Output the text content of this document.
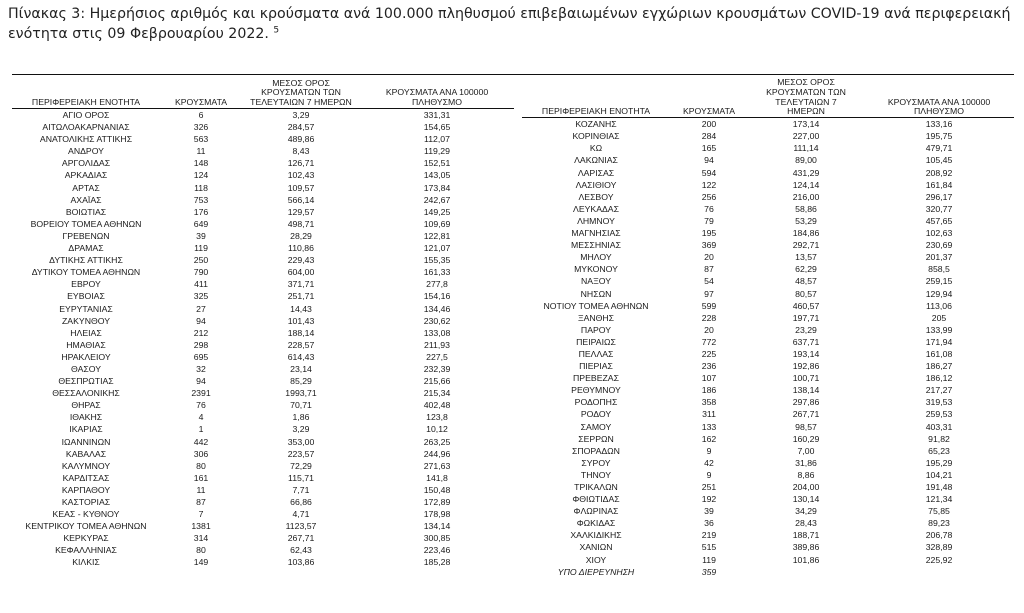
Πίνακας 3: Ημερήσιος αριθμός και κρούσματα ανά 100.000 πληθυσμού επιβεβαιωμένων εγχώριων κρουσμάτων COVID-19 ανά περιφερειακή ενότητα στις 09 Φεβρουαρίου 2022. $^5$
ΠΕΡΙΦΕΡΕΙΑΚΗ ΕΝΟΤΗΤΑ	ΚΡΟΥΣΜΑΤΑ	ΜΕΣΟΣ ΟΡΟΣ ΚΡΟΥΣΜΑΤΩΝ ΤΩΝ ΤΕΛΕΥΤΑΙΩΝ 7 ΗΜΕΡΩΝ	ΚΡΟΥΣΜΑΤΑ ΑΝΑ 100000 ΠΛΗΘΥΣΜΟ
ΑΓΙΟ ΟΡΟΣ	6	3,29	331,31
ΑΙΤΩΛΟΑΚΑΡΝΑΝΙΑΣ	326	284,57	154,65
ΑΝΑΤΟΛΙΚΗΣ ΑΤΤΙΚΗΣ	563	489,86	112,07
ΑΝΔΡΟΥ	11	8,43	119,29
ΑΡΓΟΛΙΔΑΣ	148	126,71	152,51
ΑΡΚΑΔΙΑΣ	124	102,43	143,05
ΑΡΤΑΣ	118	109,57	173,84
ΑΧΑΪΑΣ	753	566,14	242,67
ΒΟΙΩΤΙΑΣ	176	129,57	149,25
ΒΟΡΕΙΟΥ ΤΟΜΕΑ ΑΘΗΝΩΝ	649	498,71	109,69
ΓΡΕΒΕΝΩΝ	39	28,29	122,81
ΔΡΑΜΑΣ	119	110,86	121,07
ΔΥΤΙΚΗΣ ΑΤΤΙΚΗΣ	250	229,43	155,35
ΔΥΤΙΚΟΥ ΤΟΜΕΑ ΑΘΗΝΩΝ	790	604,00	161,33
ΕΒΡΟΥ	411	371,71	277,8
ΕΥΒΟΙΑΣ	325	251,71	154,16
ΕΥΡΥΤΑΝΙΑΣ	27	14,43	134,46
ΖΑΚΥΝΘΟΥ	94	101,43	230,62
ΗΛΕΙΑΣ	212	188,14	133,08
ΗΜΑΘΙΑΣ	298	228,57	211,93
ΗΡΑΚΛΕΙΟΥ	695	614,43	227,5
ΘΑΣΟΥ	32	23,14	232,39
ΘΕΣΠΡΩΤΙΑΣ	94	85,29	215,66
ΘΕΣΣΑΛΟΝΙΚΗΣ	2391	1993,71	215,34
ΘΗΡΑΣ	76	70,71	402,48
ΙΘΑΚΗΣ	4	1,86	123,8
ΙΚΑΡΙΑΣ	1	3,29	10,12
ΙΩΑΝΝΙΝΩΝ	442	353,00	263,25
ΚΑΒΑΛΑΣ	306	223,57	244,96
ΚΑΛΥΜΝΟΥ	80	72,29	271,63
ΚΑΡΔΙΤΣΑΣ	161	115,71	141,8
ΚΑΡΠΑΘΟΥ	11	7,71	150,48
ΚΑΣΤΟΡΙΑΣ	87	66,86	172,89
ΚΕΑΣ - ΚΥΘΝΟΥ	7	4,71	178,98
ΚΕΝΤΡΙΚΟΥ ΤΟΜΕΑ ΑΘΗΝΩΝ	1381	1123,57	134,14
ΚΕΡΚΥΡΑΣ	314	267,71	300,85
ΚΕΦΑΛΛΗΝΙΑΣ	80	62,43	223,46
ΚΙΛΚΙΣ	149	103,86	185,28
ΠΕΡΙΦΕΡΕΙΑΚΗ ΕΝΟΤΗΤΑ	ΚΡΟΥΣΜΑΤΑ	ΜΕΣΟΣ ΟΡΟΣ ΚΡΟΥΣΜΑΤΩΝ ΤΩΝ ΤΕΛΕΥΤΑΙΩΝ 7 ΗΜΕΡΩΝ	ΚΡΟΥΣΜΑΤΑ ΑΝΑ 100000 ΠΛΗΘΥΣΜΟ
ΚΟΖΑΝΗΣ	200	173,14	133,16
ΚΟΡΙΝΘΙΑΣ	284	227,00	195,75
ΚΩ	165	111,14	479,71
ΛΑΚΩΝΙΑΣ	94	89,00	105,45
ΛΑΡΙΣΑΣ	594	431,29	208,92
ΛΑΣΙΘΙΟΥ	122	124,14	161,84
ΛΕΣΒΟΥ	256	216,00	296,17
ΛΕΥΚΑΔΑΣ	76	58,86	320,77
ΛΗΜΝΟΥ	79	53,29	457,65
ΜΑΓΝΗΣΙΑΣ	195	184,86	102,63
ΜΕΣΣΗΝΙΑΣ	369	292,71	230,69
ΜΗΛΟΥ	20	13,57	201,37
ΜΥΚΟΝΟΥ	87	62,29	858,5
ΝΑΞΟΥ	54	48,57	259,15
ΝΗΣΩΝ	97	80,57	129,94
ΝΟΤΙΟΥ ΤΟΜΕΑ ΑΘΗΝΩΝ	599	460,57	113,06
ΞΑΝΘΗΣ	228	197,71	205
ΠΑΡΟΥ	20	23,29	133,99
ΠΕΙΡΑΙΩΣ	772	637,71	171,94
ΠΕΛΛΑΣ	225	193,14	161,08
ΠΙΕΡΙΑΣ	236	192,86	186,27
ΠΡΕΒΕΖΑΣ	107	100,71	186,12
ΡΕΘΥΜΝΟΥ	186	138,14	217,27
ΡΟΔΟΠΗΣ	358	297,86	319,53
ΡΟΔΟΥ	311	267,71	259,53
ΣΑΜΟΥ	133	98,57	403,31
ΣΕΡΡΩΝ	162	160,29	91,82
ΣΠΟΡΑΔΩΝ	9	7,00	65,23
ΣΥΡΟΥ	42	31,86	195,29
ΤΗΝΟΥ	9	8,86	104,21
ΤΡΙΚΑΛΩΝ	251	204,00	191,48
ΦΘΙΩΤΙΔΑΣ	192	130,14	121,34
ΦΛΩΡΙΝΑΣ	39	34,29	75,85
ΦΩΚΙΔΑΣ	36	28,43	89,23
ΧΑΛΚΙΔΙΚΗΣ	219	188,71	206,78
ΧΑΝΙΩΝ	515	389,86	328,89
ΧΙΟΥ	119	101,86	225,92
ΥΠΟ ΔΙΕΡΕΥΝΗΣΗ	359		
